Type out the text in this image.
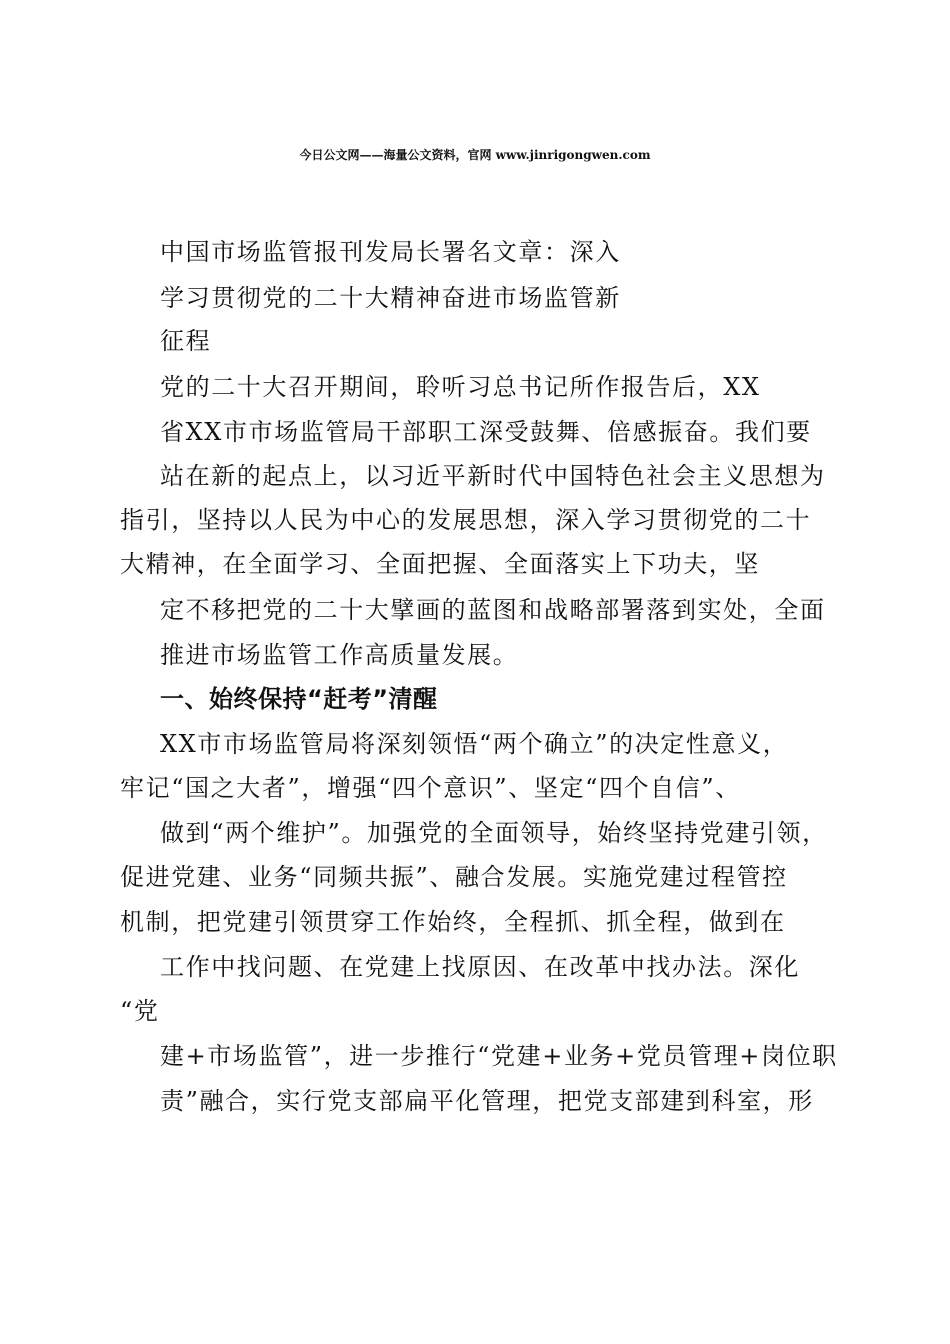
今日公文网——海量公文资料，官网 www.jinrigongwen.com
中国市场监管报刊发局长署名文章：深入
学习贯彻党的二十大精神奋进市场监管新
征程
党的二十大召开期间，聆听习总书记所作报告后，XX
省XX市市场监管局干部职工深受鼓舞、倍感振奋。我们要
站在新的起点上，以习近平新时代中国特色社会主义思想为
指引，坚持以人民为中心的发展思想，深入学习贯彻党的二十
大精神，在全面学习、全面把握、全面落实上下功夫，坚
定不移把党的二十大擘画的蓝图和战略部署落到实处，全面
推进市场监管工作高质量发展。
一、始终保持“赶考”清醒
XX市市场监管局将深刻领悟“两个确立”的决定性意义，
牢记“国之大者”，增强“四个意识”、坚定“四个自信”、
做到“两个维护”。加强党的全面领导，始终坚持党建引领，
促进党建、业务“同频共振”、融合发展。实施党建过程管控
机制，把党建引领贯穿工作始终，全程抓、抓全程，做到在
工作中找问题、在党建上找原因、在改革中找办法。深化
“党
建+市场监管”，进一步推行“党建+业务+党员管理+岗位职
责”融合，实行党支部扁平化管理，把党支部建到科室，形
